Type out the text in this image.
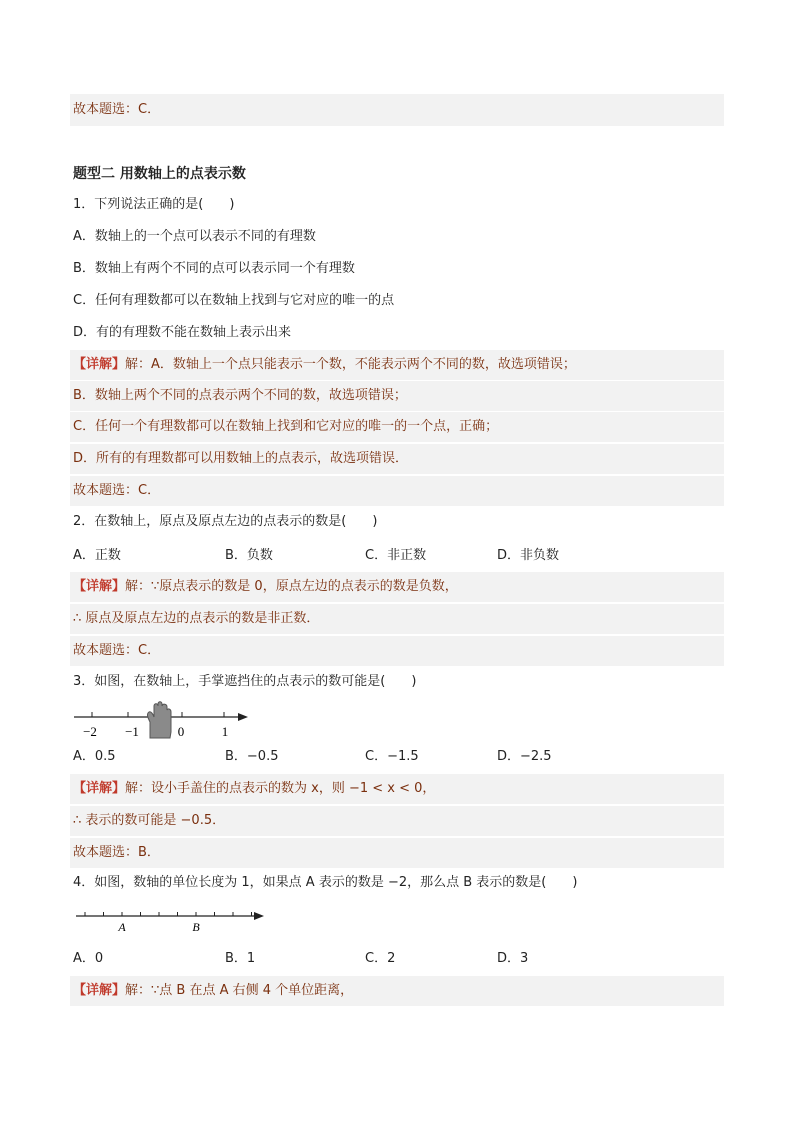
故本题选：C．
题型二 用数轴上的点表示数
1．下列说法正确的是(　　)
A．数轴上的一个点可以表示不同的有理数
B．数轴上有两个不同的点可以表示同一个有理数
C．任何有理数都可以在数轴上找到与它对应的唯一的点
D．有的有理数不能在数轴上表示出来
【详解】解：A．数轴上一个点只能表示一个数，不能表示两个不同的数，故选项错误；
B．数轴上两个不同的点表示两个不同的数，故选项错误；
C．任何一个有理数都可以在数轴上找到和它对应的唯一的一个点，正确；
D．所有的有理数都可以用数轴上的点表示，故选项错误．
故本题选：C．
2．在数轴上，原点及原点左边的点表示的数是(　　)
A．正数	B．负数	C．非正数	D．非负数
【详解】解：∵原点表示的数是 0，原点左边的点表示的数是负数，
∴ 原点及原点左边的点表示的数是非正数．
故本题选：C．
3．如图，在数轴上，手掌遮挡住的点表示的数可能是(　　)
−2 −1	0	1
A．0.5	B．−0.5	C．−1.5	D．−2.5
【详解】解：设小手盖住的点表示的数为 x，则 −1 < x < 0，
∴ 表示的数可能是 −0.5．
故本题选：B．
4．如图，数轴的单位长度为 1，如果点 A 表示的数是 −2，那么点 B 表示的数是(　　)
A	B
A．0	B．1	C．2	D．3
【详解】解：∵点 B 在点 A 右侧 4 个单位距离，
